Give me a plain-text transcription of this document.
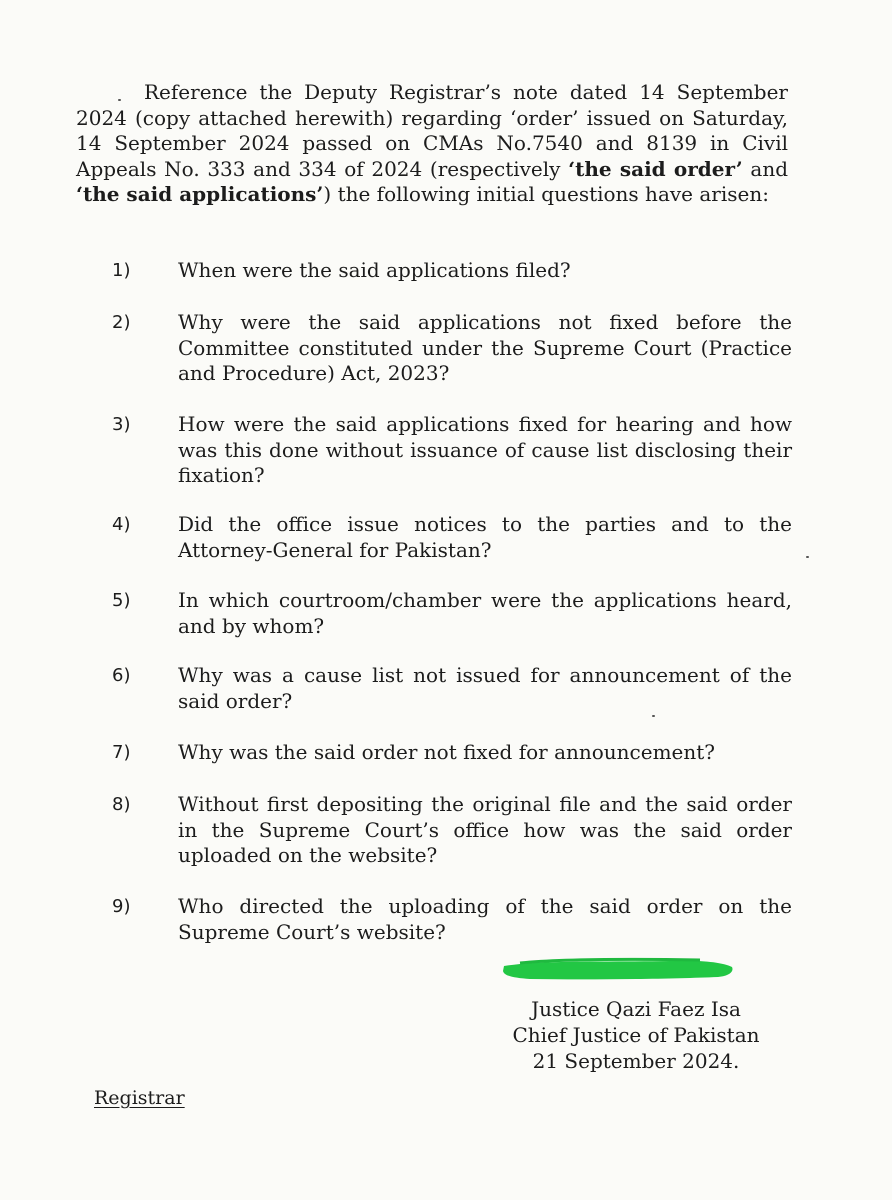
Reference the Deputy Registrar’s note dated 14 September 2024 (copy attached herewith) regarding ‘order’ issued on Saturday, 14 September 2024 passed on CMAs No.7540 and 8139 in Civil Appeals No. 333 and 334 of 2024 (respectively ‘the said order’ and ‘the said applications’) the following initial questions have arisen:

1)	When were the said applications filed?
2)	Why were the said applications not fixed before the Committee constituted under the Supreme Court (Practice and Procedure) Act, 2023?
3)	How were the said applications fixed for hearing and how was this done without issuance of cause list disclosing their fixation?
4)	Did the office issue notices to the parties and to the Attorney-General for Pakistan?
5)	In which courtroom/chamber were the applications heard, and by whom?
6)	Why was a cause list not issued for announcement of the said order?
7)	Why was the said order not fixed for announcement?
8)	Without first depositing the original file and the said order in the Supreme Court’s office how was the said order uploaded on the website?
9)	Who directed the uploading of the said order on the Supreme Court’s website?
Justice Qazi Faez Isa
Chief Justice of Pakistan
21 September 2024.
Registrar
